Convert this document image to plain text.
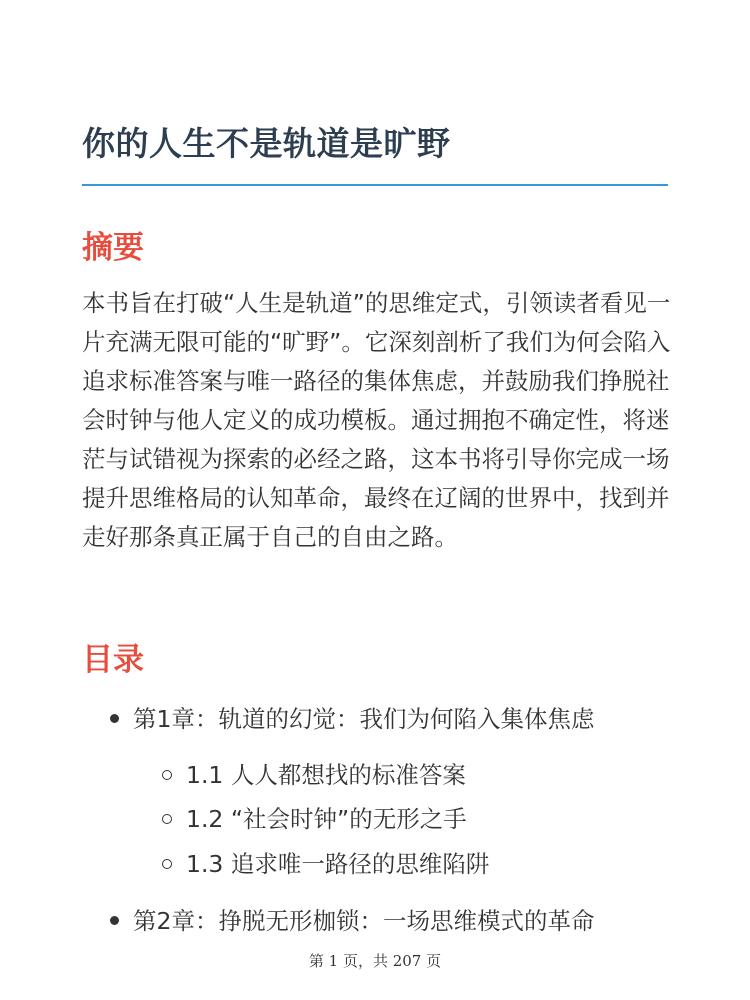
你的人生不是轨道是旷野
摘要
本书旨在打破“人生是轨道”的思维定式，引领读者看见一片充满无限可能的“旷野”。它深刻剖析了我们为何会陷入追求标准答案与唯一路径的集体焦虑，并鼓励我们挣脱社会时钟与他人定义的成功模板。通过拥抱不确定性，将迷茫与试错视为探索的必经之路，这本书将引导你完成一场提升思维格局的认知革命，最终在辽阔的世界中，找到并走好那条真正属于自己的自由之路。
目录
第1章：轨道的幻觉：我们为何陷入集体焦虑
1.1 人人都想找的标准答案
1.2 “社会时钟”的无形之手
1.3 追求唯一路径的思维陷阱
第2章：挣脱无形枷锁：一场思维模式的革命
第 1 页，共 207 页
